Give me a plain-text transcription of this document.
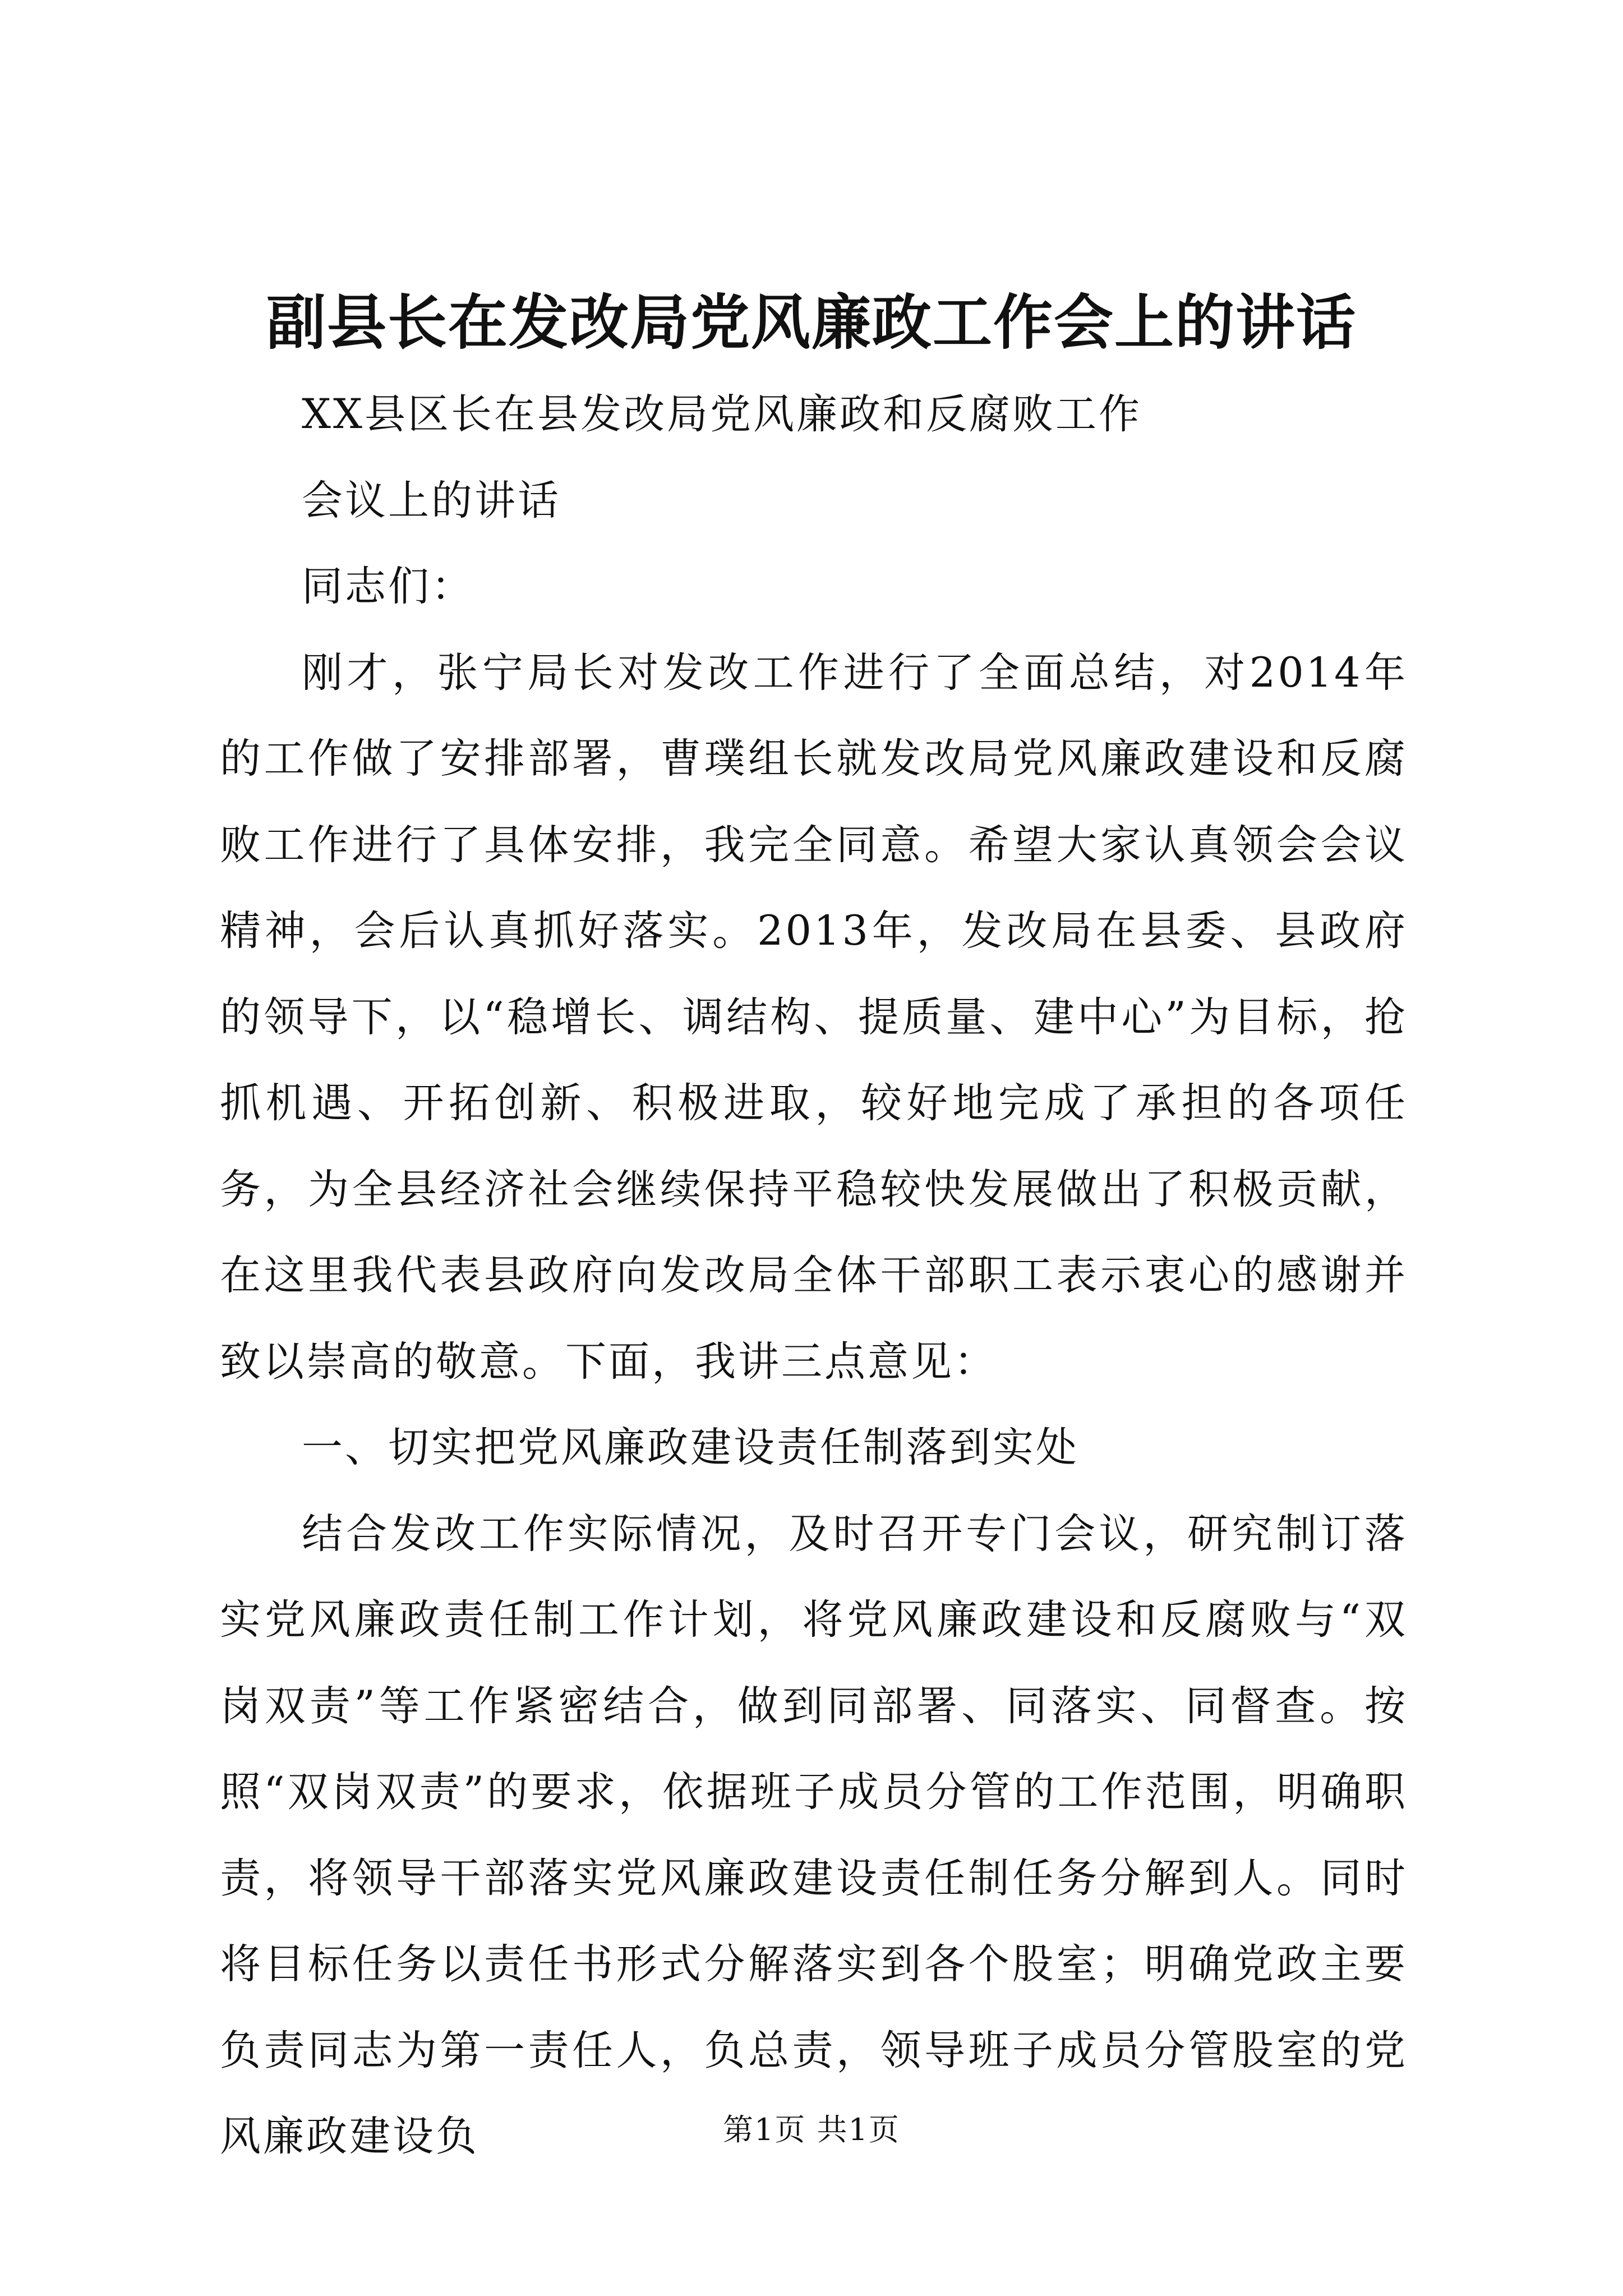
副县长在发改局党风廉政工作会上的讲话

XX县区长在县发改局党风廉政和反腐败工作

会议上的讲话

同志们：

刚才，张宁局长对发改工作进行了全面总结，对2014年的工作做了安排部署，曹璞组长就发改局党风廉政建设和反腐败工作进行了具体安排，我完全同意。希望大家认真领会会议精神，会后认真抓好落实。2013年，发改局在县委、县政府的领导下，以“稳增长、调结构、提质量、建中心”为目标，抢抓机遇、开拓创新、积极进取，较好地完成了承担的各项任务，为全县经济社会继续保持平稳较快发展做出了积极贡献，在这里我代表县政府向发改局全体干部职工表示衷心的感谢并致以崇高的敬意。下面，我讲三点意见：

一、切实把党风廉政建设责任制落到实处

结合发改工作实际情况，及时召开专门会议，研究制订落实党风廉政责任制工作计划，将党风廉政建设和反腐败与“双岗双责”等工作紧密结合，做到同部署、同落实、同督查。按照“双岗双责”的要求，依据班子成员分管的工作范围，明确职责，将领导干部落实党风廉政建设责任制任务分解到人。同时将目标任务以责任书形式分解落实到各个股室；明确党政主要负责同志为第一责任人，负总责，领导班子成员分管股室的党风廉政建设负	第1页 共1页
